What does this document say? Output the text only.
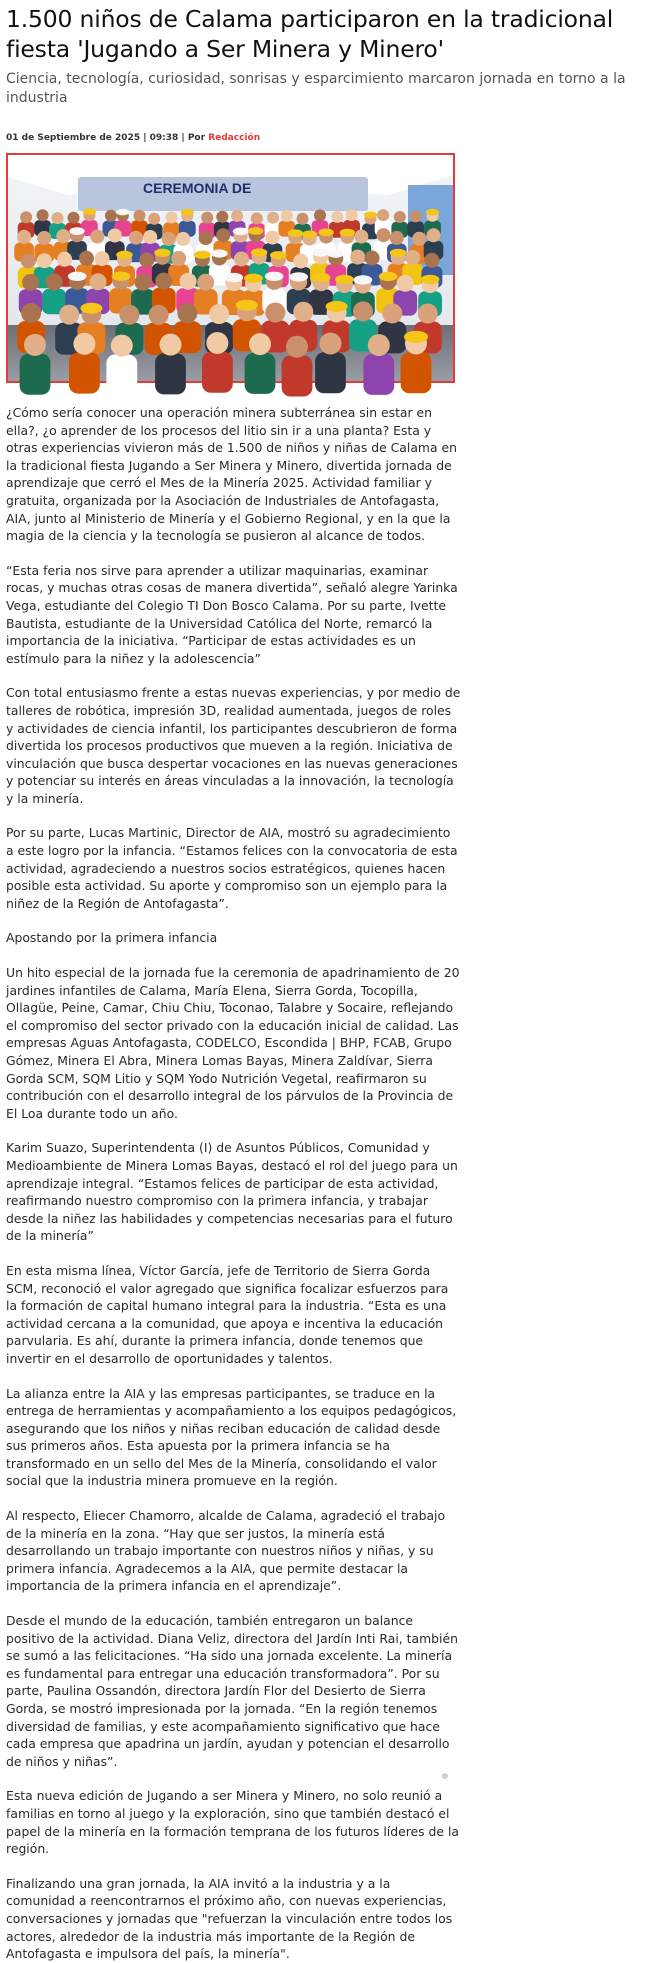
1.500 niños de Calama participaron en la tradicional fiesta 'Jugando a Ser Minera y Minero'
Ciencia, tecnología, curiosidad, sonrisas y esparcimiento marcaron jornada en torno a la industria
01 de Septiembre de 2025 | 09:38 | Por Redacción
CEREMONIA DE

¿Cómo sería conocer una operación minera subterránea sin estar en ella?, ¿o aprender de los procesos del litio sin ir a una planta? Esta y otras experiencias vivieron más de 1.500 de niños y niñas de Calama en la tradicional fiesta Jugando a Ser Minera y Minero, divertida jornada de aprendizaje que cerró el Mes de la Minería 2025. Actividad familiar y gratuita, organizada por la Asociación de Industriales de Antofagasta, AIA, junto al Ministerio de Minería y el Gobierno Regional, y en la que la magia de la ciencia y la tecnología se pusieron al alcance de todos.

“Esta feria nos sirve para aprender a utilizar maquinarias, examinar rocas, y muchas otras cosas de manera divertida”, señaló alegre Yarinka Vega, estudiante del Colegio TI Don Bosco Calama. Por su parte, Ivette Bautista, estudiante de la Universidad Católica del Norte, remarcó la importancia de la iniciativa. “Participar de estas actividades es un estímulo para la niñez y la adolescencia”

Con total entusiasmo frente a estas nuevas experiencias, y por medio de talleres de robótica, impresión 3D, realidad aumentada, juegos de roles y actividades de ciencia infantil, los participantes descubrieron de forma divertida los procesos productivos que mueven a la región. Iniciativa de vinculación que busca despertar vocaciones en las nuevas generaciones y potenciar su interés en áreas vinculadas a la innovación, la tecnología y la minería.

Por su parte, Lucas Martinic, Director de AIA, mostró su agradecimiento a este logro por la infancia. “Estamos felices con la convocatoria de esta actividad, agradeciendo a nuestros socios estratégicos, quienes hacen posible esta actividad. Su aporte y compromiso son un ejemplo para la niñez de la Región de Antofagasta”.

Apostando por la primera infancia

Un hito especial de la jornada fue la ceremonia de apadrinamiento de 20 jardines infantiles de Calama, María Elena, Sierra Gorda, Tocopilla, Ollagüe, Peine, Camar, Chiu Chiu, Toconao, Talabre y Socaire, reflejando el compromiso del sector privado con la educación inicial de calidad. Las empresas Aguas Antofagasta, CODELCO, Escondida | BHP, FCAB, Grupo Gómez, Minera El Abra, Minera Lomas Bayas, Minera Zaldívar, Sierra Gorda SCM, SQM Litio y SQM Yodo Nutrición Vegetal, reafirmaron su contribución con el desarrollo integral de los párvulos de la Provincia de El Loa durante todo un año.

Karim Suazo, Superintendenta (I) de Asuntos Públicos, Comunidad y Medioambiente de Minera Lomas Bayas, destacó el rol del juego para un aprendizaje integral. “Estamos felices de participar de esta actividad, reafirmando nuestro compromiso con la primera infancia, y trabajar desde la niñez las habilidades y competencias necesarias para el futuro de la minería”

En esta misma línea, Víctor García, jefe de Territorio de Sierra Gorda SCM, reconoció el valor agregado que significa focalizar esfuerzos para la formación de capital humano integral para la industria. “Esta es una actividad cercana a la comunidad, que apoya e incentiva la educación parvularia. Es ahí, durante la primera infancia, donde tenemos que invertir en el desarrollo de oportunidades y talentos.

La alianza entre la AIA y las empresas participantes, se traduce en la entrega de herramientas y acompañamiento a los equipos pedagógicos, asegurando que los niños y niñas reciban educación de calidad desde sus primeros años. Esta apuesta por la primera infancia se ha transformado en un sello del Mes de la Minería, consolidando el valor social que la industria minera promueve en la región.

Al respecto, Eliecer Chamorro, alcalde de Calama, agradeció el trabajo de la minería en la zona. “Hay que ser justos, la minería está desarrollando un trabajo importante con nuestros niños y niñas, y su primera infancia. Agradecemos a la AIA, que permite destacar la importancia de la primera infancia en el aprendizaje”.

Desde el mundo de la educación, también entregaron un balance positivo de la actividad. Diana Veliz, directora del Jardín Inti Rai, también se sumó a las felicitaciones. “Ha sido una jornada excelente. La minería es fundamental para entregar una educación transformadora”. Por su parte, Paulina Ossandón, directora Jardín Flor del Desierto de Sierra Gorda, se mostró impresionada por la jornada. “En la región tenemos diversidad de familias, y este acompañamiento significativo que hace cada empresa que apadrina un jardín, ayudan y potencian el desarrollo de niños y niñas”.

Esta nueva edición de Jugando a ser Minera y Minero, no solo reunió a familias en torno al juego y la exploración, sino que también destacó el papel de la minería en la formación temprana de los futuros líderes de la región.

Finalizando una gran jornada, la AIA invitó a la industria y a la comunidad a reencontrarnos el próximo año, con nuevas experiencias, conversaciones y jornadas que "refuerzan la vinculación entre todos los actores, alrededor de la industria más importante de la Región de Antofagasta e impulsora del país, la minería".
